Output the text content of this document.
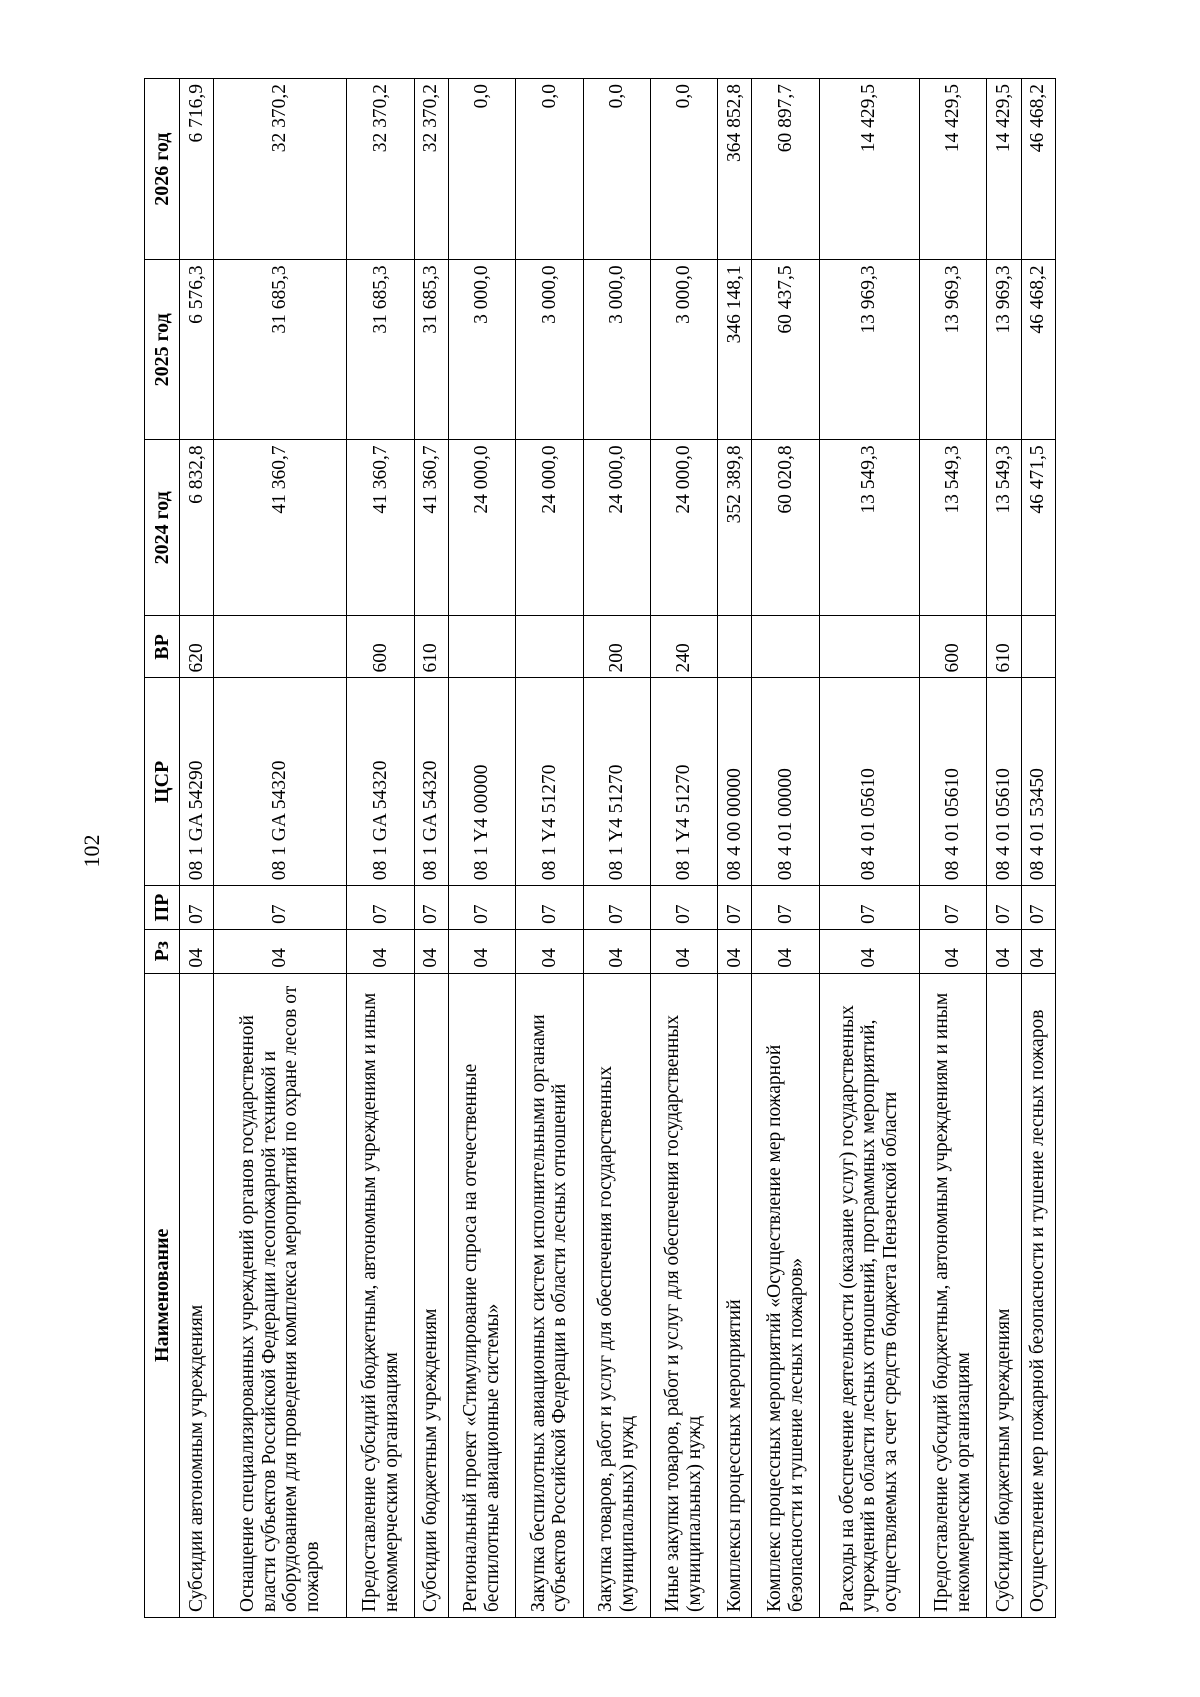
102
Наименование	Рз	ПР	ЦСР	ВР	2024 год	2025 год	2026 год
Субсидии автономным учреждениям	04	07	08 1 GA 54290	620	6 832,8	6 576,3	6 716,9
Оснащение специализированных учреждений органов государственной власти субъектов Российской Федерации лесопожарной техникой и оборудованием для проведения комплекса мероприятий по охране лесов от пожаров	04	07	08 1 GA 54320		41 360,7	31 685,3	32 370,2
Предоставление субсидий бюджетным, автономным учреждениям и иным некоммерческим организациям	04	07	08 1 GA 54320	600	41 360,7	31 685,3	32 370,2
Субсидии бюджетным учреждениям	04	07	08 1 GA 54320	610	41 360,7	31 685,3	32 370,2
Региональный проект «Стимулирование спроса на отечественные беспилотные авиационные системы»	04	07	08 1 Y4 00000		24 000,0	3 000,0	0,0
Закупка беспилотных авиационных систем исполнительными органами субъектов Российской Федерации в области лесных отношений	04	07	08 1 Y4 51270		24 000,0	3 000,0	0,0
Закупка товаров, работ и услуг для обеспечения государственных (муниципальных) нужд	04	07	08 1 Y4 51270	200	24 000,0	3 000,0	0,0
Иные закупки товаров, работ и услуг для обеспечения государственных (муниципальных) нужд	04	07	08 1 Y4 51270	240	24 000,0	3 000,0	0,0
Комплексы процессных мероприятий	04	07	08 4 00 00000		352 389,8	346 148,1	364 852,8
Комплекс процессных мероприятий «Осуществление мер пожарной безопасности и тушение лесных пожаров»	04	07	08 4 01 00000		60 020,8	60 437,5	60 897,7
Расходы на обеспечение деятельности (оказание услуг) государственных учреждений в области лесных отношений, программных мероприятий, осуществляемых за счет средств бюджета Пензенской области	04	07	08 4 01 05610		13 549,3	13 969,3	14 429,5
Предоставление субсидий бюджетным, автономным учреждениям и иным некоммерческим организациям	04	07	08 4 01 05610	600	13 549,3	13 969,3	14 429,5
Субсидии бюджетным учреждениям	04	07	08 4 01 05610	610	13 549,3	13 969,3	14 429,5
Осуществление мер пожарной безопасности и тушение лесных пожаров	04	07	08 4 01 53450		46 471,5	46 468,2	46 468,2
